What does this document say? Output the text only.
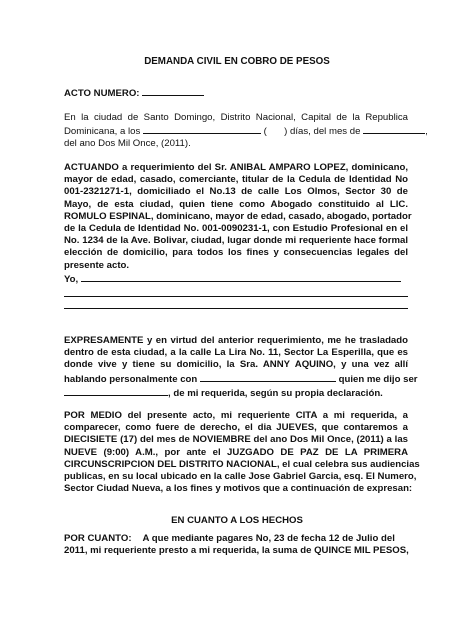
DEMANDA CIVIL EN COBRO DE PESOS
ACTO NUMERO:
En la ciudad de Santo Domingo, Distrito Nacional, Capital de la Republica
Dominicana, a los	( ) días, del mes de	,
del ano Dos Mil Once, (2011).
ACTUANDO a requerimiento del Sr. ANIBAL AMPARO LOPEZ, dominicano,
mayor de edad, casado, comerciante, titular de la Cedula de Identidad No
001-2321271-1, domiciliado el No.13 de calle Los Olmos, Sector 30 de
Mayo, de esta ciudad, quien tiene como Abogado constituido al LIC.
ROMULO ESPINAL, dominicano, mayor de edad, casado, abogado, portador
de la Cedula de Identidad No. 001-0090231-1, con Estudio Profesional en el
No. 1234 de la Ave. Bolivar, ciudad, lugar donde mi requeriente hace formal
elección de domicilio, para todos los fines y consecuencias legales del
presente acto.
Yo,
EXPRESAMENTE y en virtud del anterior requerimiento, me he trasladado
dentro de esta ciudad, a la calle La Lira No. 11, Sector La Esperilla, que es
donde vive y tiene su domicilio, la Sra. ANNY AQUINO, y una vez allí
hablando personalmente con	quien me dijo ser
, de mi requerida, según su propia declaración.
POR MEDIO del presente acto, mi requeriente CITA a mi requerida, a
comparecer, como fuere de derecho, el dia JUEVES, que contaremos a
DIECISIETE (17) del mes de NOVIEMBRE del ano Dos Mil Once, (2011) a las
NUEVE (9:00) A.M., por ante el JUZGADO DE PAZ DE LA PRIMERA
CIRCUNSCRIPCION DEL DISTRITO NACIONAL, el cual celebra sus audiencias
publicas, en su local ubicado en la calle Jose Gabriel Garcia, esq. El Numero,
Sector Ciudad Nueva, a los fines y motivos que a continuación de expresan:
EN CUANTO A LOS HECHOS
POR CUANTO: A que mediante pagares No, 23 de fecha 12 de Julio del
2011, mi requeriente presto a mi requerida, la suma de QUINCE MIL PESOS,
